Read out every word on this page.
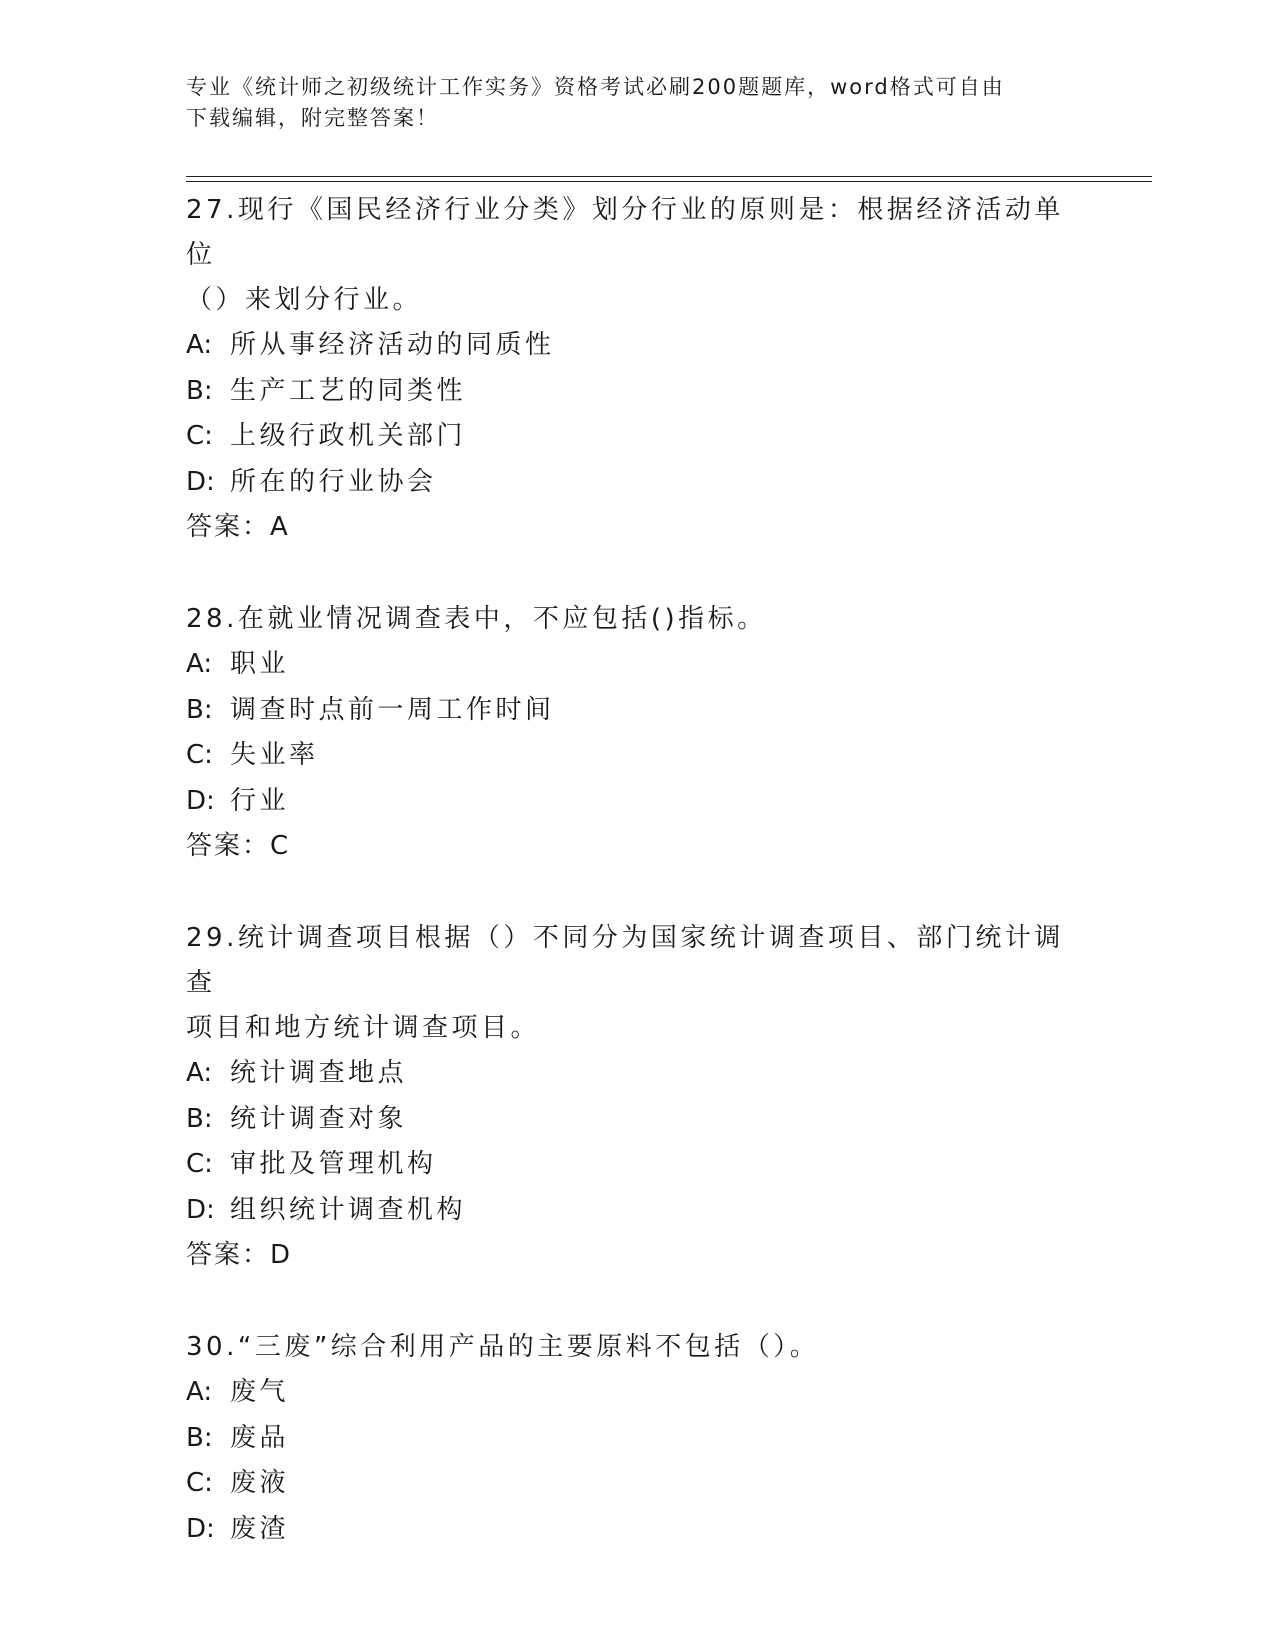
专业《统计师之初级统计工作实务》资格考试必刷200题题库，word格式可自由
下载编辑，附完整答案！

27.现行《国民经济行业分类》划分行业的原则是：根据经济活动单位

（）来划分行业。

A: 所从事经济活动的同质性

B: 生产工艺的同类性

C: 上级行政机关部门

D: 所在的行业协会

答案：A

28.在就业情况调查表中，不应包括()指标。

A: 职业

B: 调查时点前一周工作时间

C: 失业率

D: 行业

答案：C

29.统计调查项目根据（）不同分为国家统计调查项目、部门统计调查

项目和地方统计调查项目。

A: 统计调查地点

B: 统计调查对象

C: 审批及管理机构

D: 组织统计调查机构

答案：D

30.“三废”综合利用产品的主要原料不包括（）。

A: 废气

B: 废品

C: 废液

D: 废渣
